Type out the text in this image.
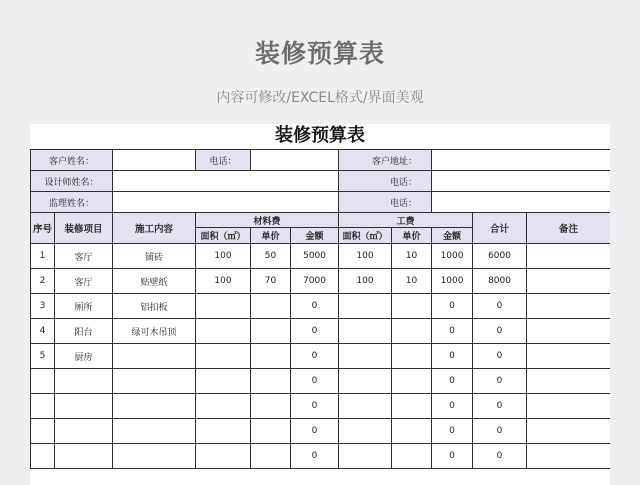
装修预算表
内容可修改/EXCEL格式/界面美观
装修预算表
客户姓名：			电话：			客户地址：				
设计师姓名：						电话：				
监理姓名：						电话：				
序号	装修项目	施工内容	材料费			工费			合计	备注
			面积（㎡）	单价	金额	面积（㎡）	单价	金额		
1	客厅	铺砖	100	50	5000	100	10	1000	6000	
2	客厅	贴壁纸	100	70	7000	100	10	1000	8000	
3	厕所	铝扣板			0			0	0	
4	阳台	绿可木吊顶			0			0	0	
5	厨房				0			0	0	
					0			0	0	
					0			0	0	
					0			0	0	
					0			0	0	
